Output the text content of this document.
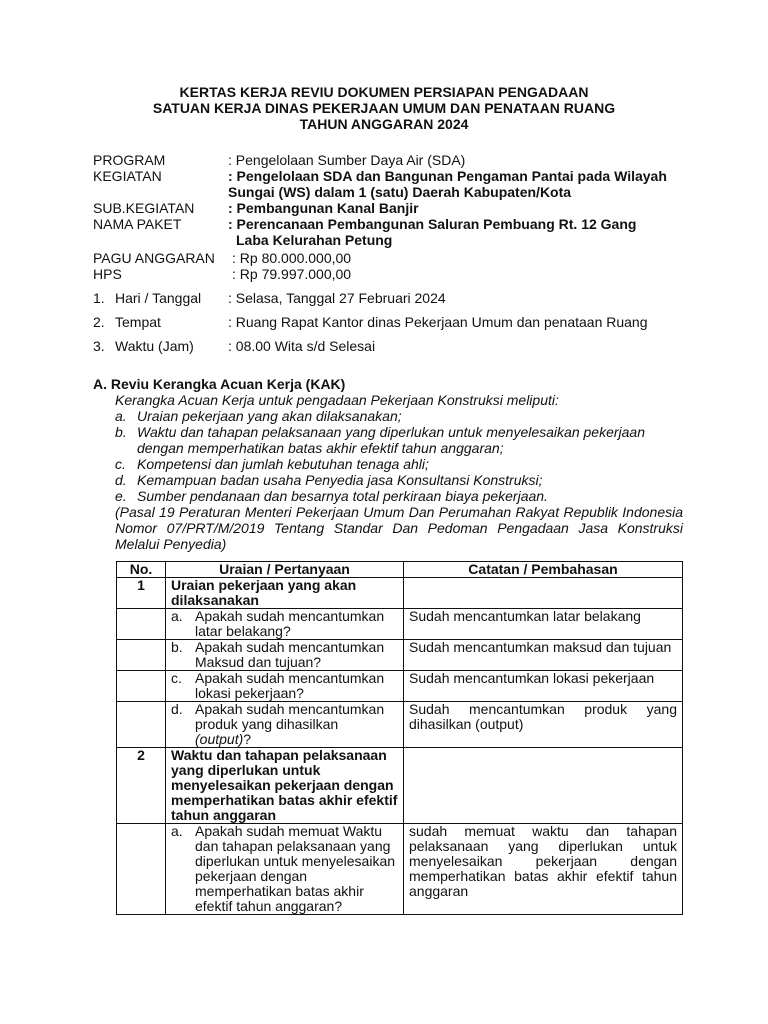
KERTAS KERJA REVIU DOKUMEN PERSIAPAN PENGADAAN
SATUAN KERJA DINAS PEKERJAAN UMUM DAN PENATAAN RUANG
TAHUN ANGGARAN 2024
PROGRAM	: Pengelolaan Sumber Daya Air (SDA)
KEGIATAN	: Pengelolaan SDA dan Bangunan Pengaman Pantai pada Wilayah
Sungai (WS) dalam 1 (satu) Daerah Kabupaten/Kota
SUB.KEGIATAN	: Pembangunan Kanal Banjir
NAMA PAKET	: Perencanaan Pembangunan Saluran Pembuang Rt. 12 Gang
Laba Kelurahan Petung
PAGU ANGGARAN	: Rp 80.000.000,00
HPS	: Rp 79.997.000,00
1. Hari / Tanggal	: Selasa, Tanggal 27 Februari 2024
2. Tempat	: Ruang Rapat Kantor dinas Pekerjaan Umum dan penataan Ruang
3. Waktu (Jam)	: 08.00 Wita s/d Selesai
A. Reviu Kerangka Acuan Kerja (KAK)
Kerangka Acuan Kerja untuk pengadaan Pekerjaan Konstruksi meliputi:
a. Uraian pekerjaan yang akan dilaksanakan;
b. Waktu dan tahapan pelaksanaan yang diperlukan untuk menyelesaikan pekerjaan dengan memperhatikan batas akhir efektif tahun anggaran;
c. Kompetensi dan jumlah kebutuhan tenaga ahli;
d. Kemampuan badan usaha Penyedia jasa Konsultansi Konstruksi;
e. Sumber pendanaan dan besarnya total perkiraan biaya pekerjaan.
(Pasal 19 Peraturan Menteri Pekerjaan Umum Dan Perumahan Rakyat Republik Indonesia Nomor 07/PRT/M/2019 Tentang Standar Dan Pedoman Pengadaan Jasa Konstruksi Melalui Penyedia)
No.	Uraian / Pertanyaan	Catatan / Pembahasan
1	Uraian pekerjaan yang akan dilaksanakan	

	a. Apakah sudah mencantumkan latar belakang?	Sudah mencantumkan latar belakang

	b. Apakah sudah mencantumkan Maksud dan tujuan?	Sudah mencantumkan maksud dan tujuan

	c. Apakah sudah mencantumkan lokasi pekerjaan?	Sudah mencantumkan lokasi pekerjaan

	d. Apakah sudah mencantumkan produk yang dihasilkan
(output)?	Sudah mencantumkan produk yang dihasilkan (output)
2	Waktu dan tahapan pelaksanaan yang diperlukan untuk menyelesaikan pekerjaan dengan memperhatikan batas akhir efektif tahun anggaran	

	a. Apakah sudah memuat Waktu dan tahapan pelaksanaan yang diperlukan untuk menyelesaikan pekerjaan dengan memperhatikan batas akhir efektif tahun anggaran?	sudah memuat waktu dan tahapan pelaksanaan yang diperlukan untuk menyelesaikan pekerjaan dengan memperhatikan batas akhir efektif tahun anggaran
